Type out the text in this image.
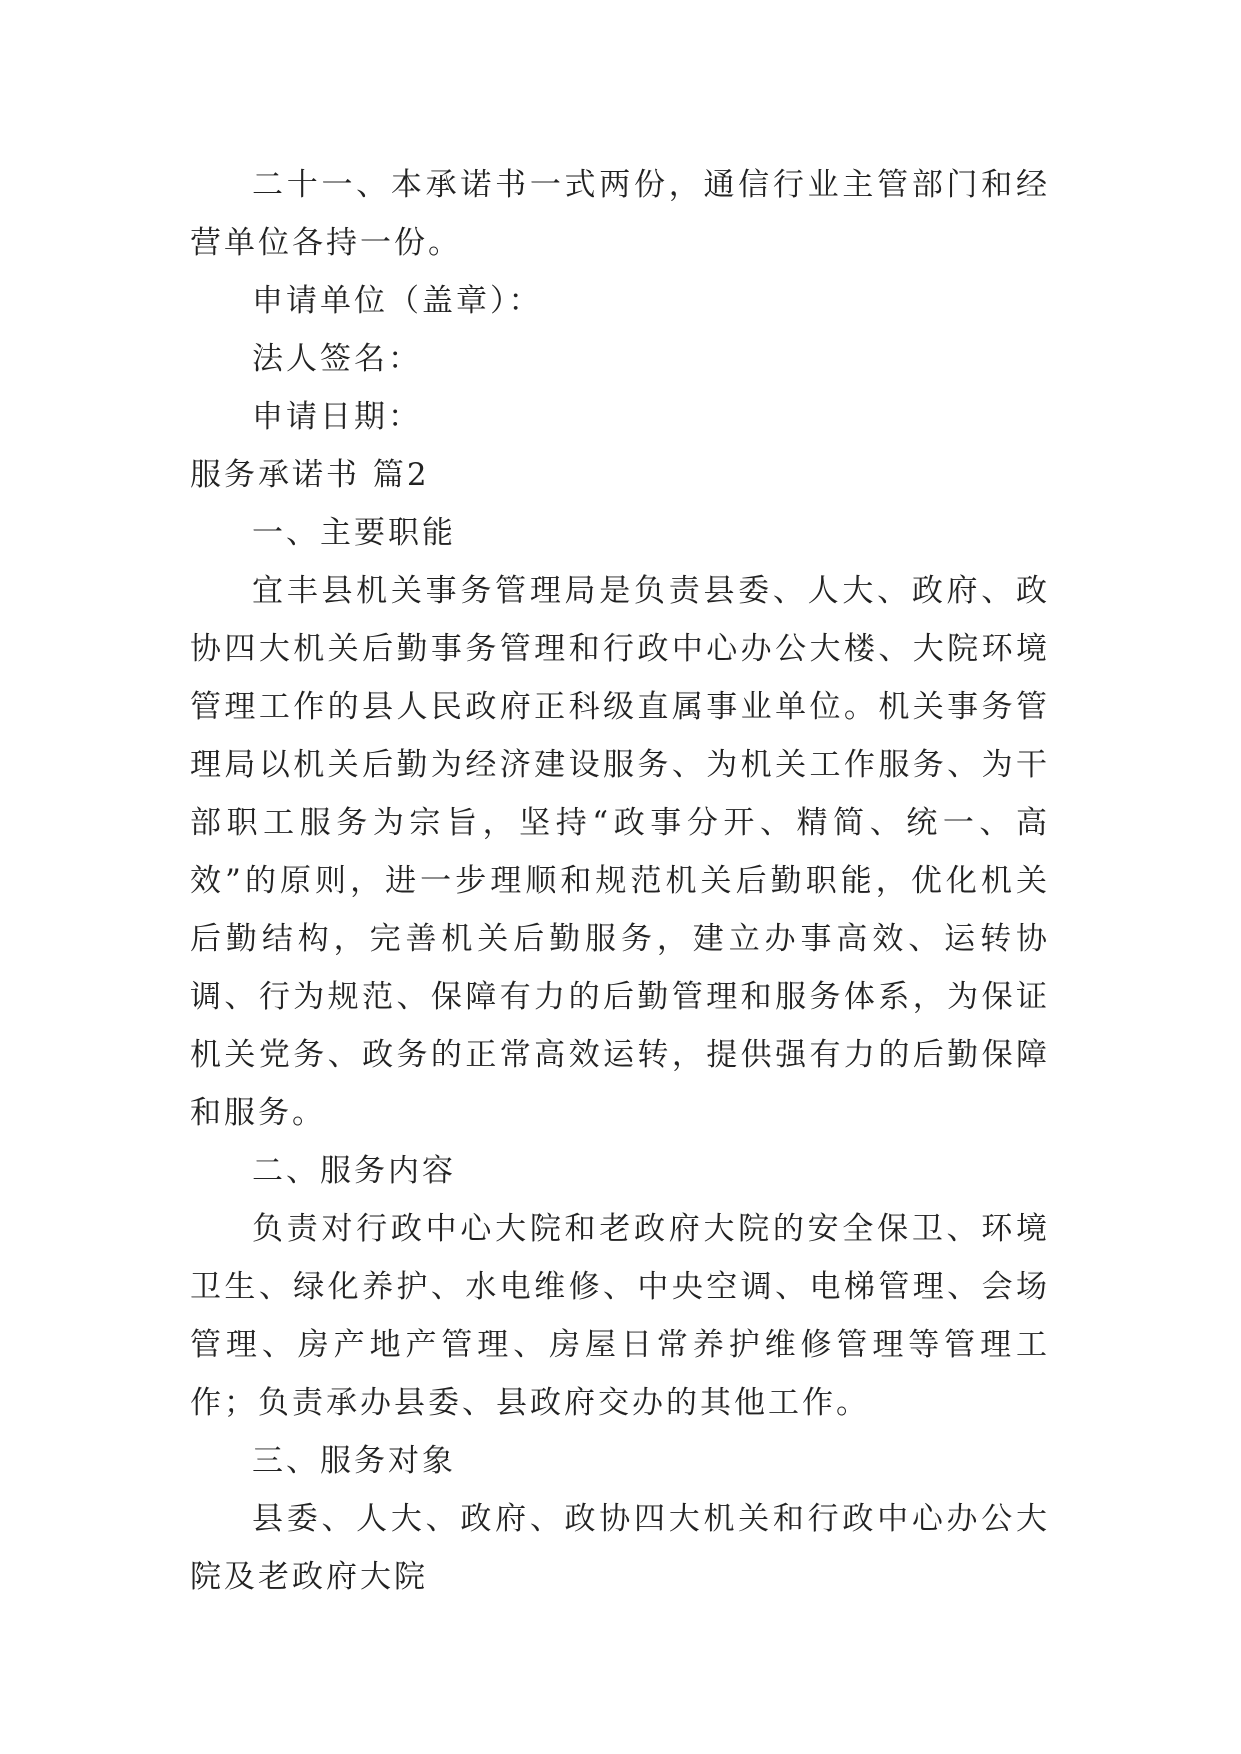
二十一、本承诺书一式两份，通信行业主管部门和经营单位各持一份。

申请单位（盖章）：

法人签名：

申请日期：

服务承诺书 篇2

一、主要职能

宜丰县机关事务管理局是负责县委、人大、政府、政协四大机关后勤事务管理和行政中心办公大楼、大院环境管理工作的县人民政府正科级直属事业单位。机关事务管理局以机关后勤为经济建设服务、为机关工作服务、为干部职工服务为宗旨，坚持“政事分开、精简、统一、高效”的原则，进一步理顺和规范机关后勤职能，优化机关后勤结构，完善机关后勤服务，建立办事高效、运转协调、行为规范、保障有力的后勤管理和服务体系，为保证机关党务、政务的正常高效运转，提供强有力的后勤保障和服务。

二、服务内容

负责对行政中心大院和老政府大院的安全保卫、环境卫生、绿化养护、水电维修、中央空调、电梯管理、会场管理、房产地产管理、房屋日常养护维修管理等管理工作；负责承办县委、县政府交办的其他工作。

三、服务对象

县委、人大、政府、政协四大机关和行政中心办公大院及老政府大院
